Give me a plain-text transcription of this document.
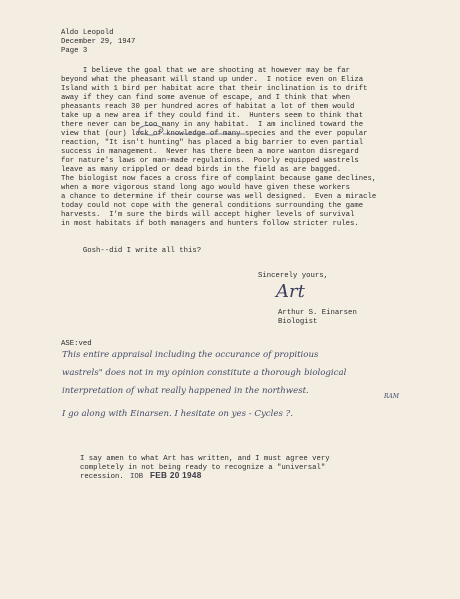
Aldo Leopold
December 29, 1947
Page 3
I believe the goal that we are shooting at however may be far
beyond what the pheasant will stand up under.  I notice even on Eliza
Island with 1 bird per habitat acre that their inclination is to drift
away if they can find some avenue of escape, and I think that when
pheasants reach 30 per hundred acres of habitat a lot of them would
take up a new area if they could find it.  Hunters seem to think that
there never can be too many in any habitat.  I am inclined toward the
view that (our) lack of knowledge of many species and the ever popular
reaction, "It isn't hunting" has placed a big barrier to even partial
success in management.  Never has there been a more wanton disregard
for nature's laws or man-made regulations.  Poorly equipped wastrels
leave as many crippled or dead birds in the field as are bagged.
The biologist now faces a cross fire of complaint because game declines,
when a more vigorous stand long ago would have given these workers
a chance to determine if their course was well designed.  Even a miracle
today could not cope with the general conditions surrounding the game
harvests.  I'm sure the birds will accept higher levels of survival
in most habitats if both managers and hunters follow stricter rules.
Gosh--did I write all this?
Sincerely yours,
Art
Arthur S. Einarsen
Biologist
ASE:ved
This entire appraisal including the occurance of propitious
wastrels" does not in my opinion constitute a thorough biological
interpretation of what really happened in the northwest.
RAM
I go along with Einarsen. I hesitate on yes - Cycles ?.
I say amen to what Art has written, and I must agree very
completely in not being ready to recognize a "universal"
recession. IOB FEB 20 1948
